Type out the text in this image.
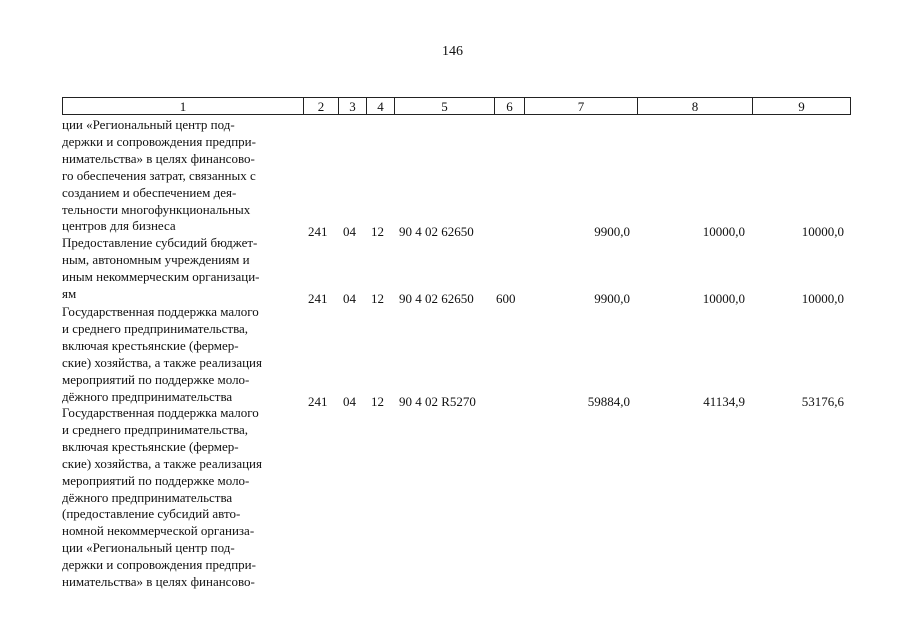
146
1	2	3	4	5	6	7	8	9
ции «Региональный центр под-
держки и сопровождения предпри-
нимательства» в целях финансово-
го обеспечения затрат, связанных с
созданием и обеспечением дея-
тельности многофункциональных
центров для бизнеса	241 04 12 90 4 02 62650	9900,0	10000,0	10000,0
Предоставление субсидий бюджет-
ным, автономным учреждениям и
иным некоммерческим организаци-
ям	241 04 12 90 4 02 62650 600	9900,0	10000,0	10000,0
Государственная поддержка малого
и среднего предпринимательства,
включая крестьянские (фермер-
ские) хозяйства, а также реализация
мероприятий по поддержке моло-
дёжного предпринимательства	241 04 12 90 4 02 R5270	59884,0	41134,9	53176,6
Государственная поддержка малого
и среднего предпринимательства,
включая крестьянские (фермер-
ские) хозяйства, а также реализация
мероприятий по поддержке моло-
дёжного предпринимательства
(предоставление субсидий авто-
номной некоммерческой организа-
ции «Региональный центр под-
держки и сопровождения предпри-
нимательства» в целях финансово-
